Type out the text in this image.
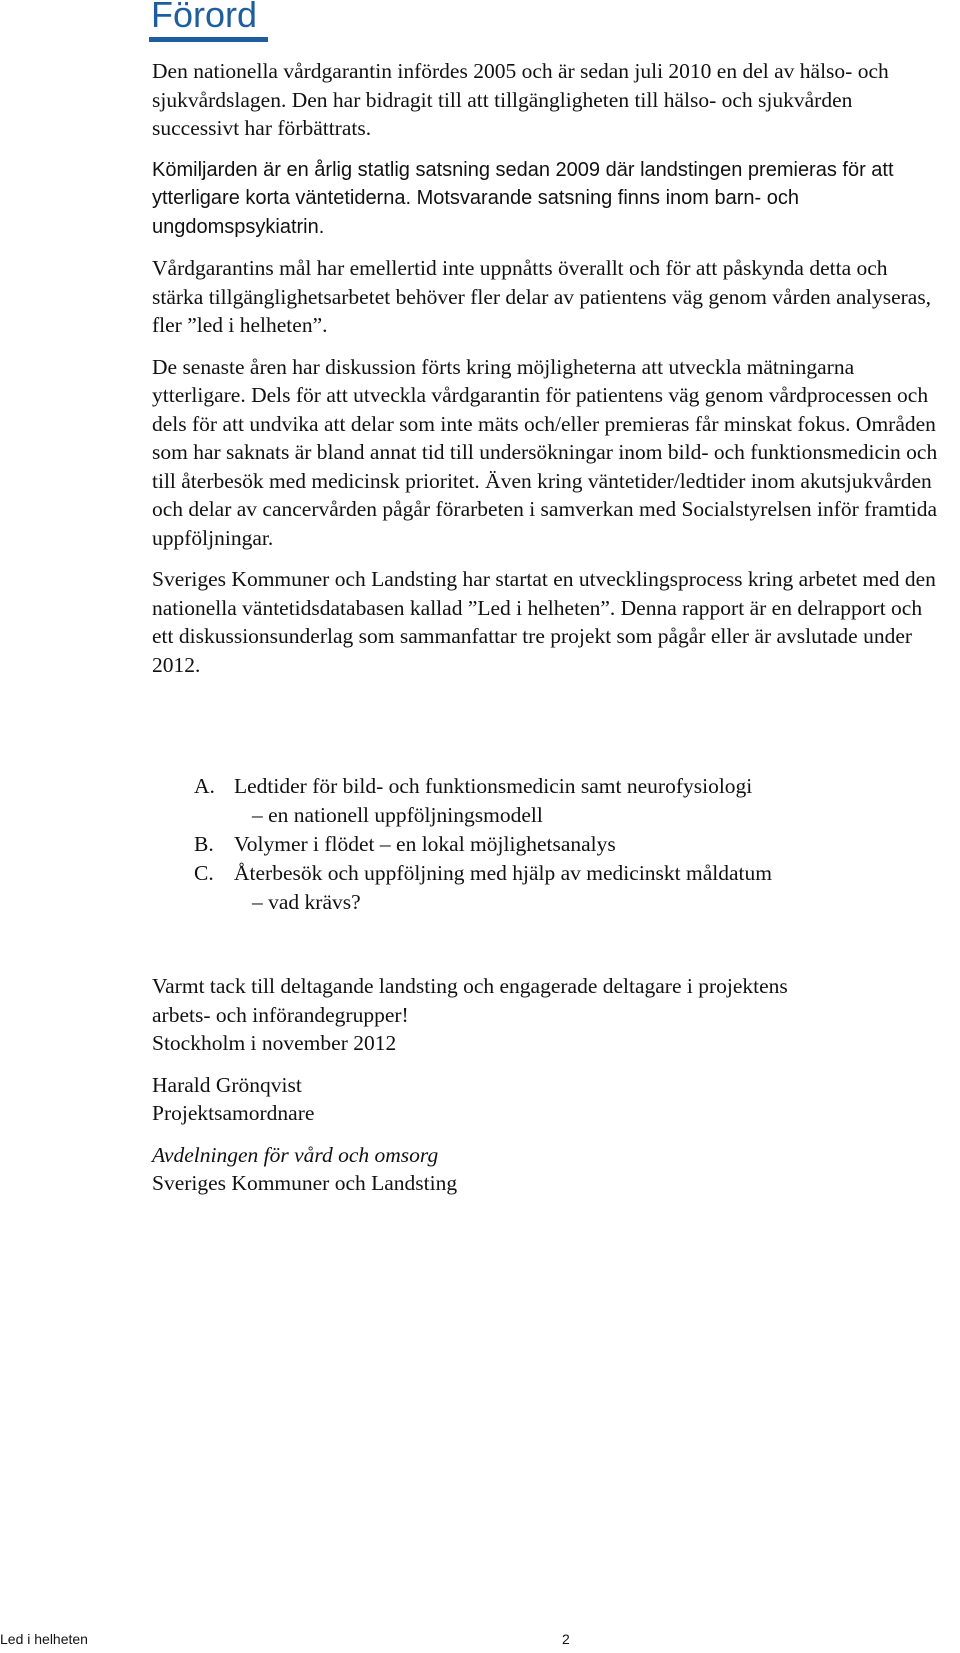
Förord

Den nationella vårdgarantin infördes 2005 och är sedan juli 2010 en del av hälso- och sjukvårdslagen. Den har bidragit till att tillgängligheten till hälso- och sjukvården successivt har förbättrats.

Kömiljarden är en årlig statlig satsning sedan 2009 där landstingen premieras för att ytterligare korta väntetiderna. Motsvarande satsning finns inom barn- och ungdomspsykiatrin.

Vårdgarantins mål har emellertid inte uppnåtts överallt och för att påskynda detta och stärka tillgänglighetsarbetet behöver fler delar av patientens väg genom vården analyseras, fler ”led i helheten”.

De senaste åren har diskussion förts kring möjligheterna att utveckla mätningarna ytterligare. Dels för att utveckla vårdgarantin för patientens väg genom vårdprocessen och dels för att undvika att delar som inte mäts och/eller premieras får minskat fokus. Områden som har saknats är bland annat tid till undersökningar inom bild- och funktionsmedicin och till återbesök med medicinsk prioritet. Även kring väntetider/ledtider inom akutsjukvården och delar av cancervården pågår förarbeten i samverkan med Socialstyrelsen inför framtida uppföljningar.

Sveriges Kommuner och Landsting har startat en utvecklingsprocess kring arbetet med den nationella väntetidsdatabasen kallad ”Led i helheten”. Denna rapport är en delrapport och ett diskussionsunderlag som sammanfattar tre projekt som pågår eller är avslutade under 2012.

A. Ledtider för bild- och funktionsmedicin samt neurofysiologi
– en nationell uppföljningsmodell
B. Volymer i flödet – en lokal möjlighetsanalys
C. Återbesök och uppföljning med hjälp av medicinskt måldatum
– vad krävs?
Varmt tack till deltagande landsting och engagerade deltagare i projektens
arbets- och införandegrupper!
Stockholm i november 2012
Harald Grönqvist
Projektsamordnare
Avdelningen för vård och omsorg
Sveriges Kommuner och Landsting
Led i helheten	2
